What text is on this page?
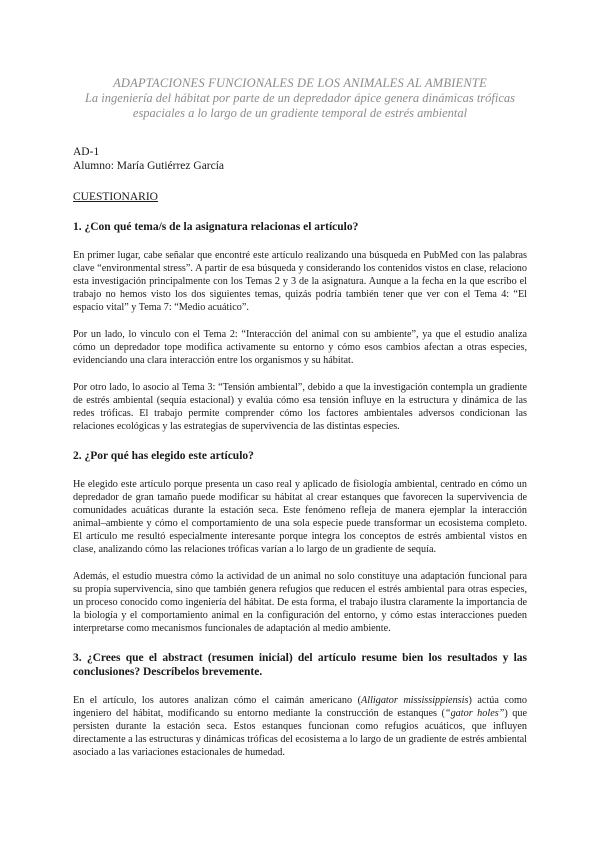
ADAPTACIONES FUNCIONALES DE LOS ANIMALES AL AMBIENTE
La ingeniería del hábitat por parte de un depredador ápice genera dinámicas tróficas
espaciales a lo largo de un gradiente temporal de estrés ambiental
AD-1
Alumno: María Gutiérrez García
CUESTIONARIO
1. ¿Con qué tema/s de la asignatura relacionas el artículo?

En primer lugar, cabe señalar que encontré este artículo realizando una búsqueda en PubMed con las palabras clave “environmental stress”. A partir de esa búsqueda y considerando los contenidos vistos en clase, relaciono esta investigación principalmente con los Temas 2 y 3 de la asignatura. Aunque a la fecha en la que escribo el trabajo no hemos visto los dos siguientes temas, quizás podría también tener que ver con el Tema 4: “El espacio vital” y Tema 7: “Medio acuático”.

Por un lado, lo vinculo con el Tema 2: “Interacción del animal con su ambiente”, ya que el estudio analiza cómo un depredador tope modifica activamente su entorno y cómo esos cambios afectan a otras especies, evidenciando una clara interacción entre los organismos y su hábitat.

Por otro lado, lo asocio al Tema 3: “Tensión ambiental”, debido a que la investigación contempla un gradiente de estrés ambiental (sequía estacional) y evalúa cómo esa tensión influye en la estructura y dinámica de las redes tróficas. El trabajo permite comprender cómo los factores ambientales adversos condicionan las relaciones ecológicas y las estrategias de supervivencia de las distintas especies.

2. ¿Por qué has elegido este artículo?

He elegido este artículo porque presenta un caso real y aplicado de fisiología ambiental, centrado en cómo un depredador de gran tamaño puede modificar su hábitat al crear estanques que favorecen la supervivencia de comunidades acuáticas durante la estación seca. Este fenómeno refleja de manera ejemplar la interacción animal–ambiente y cómo el comportamiento de una sola especie puede transformar un ecosistema completo. El artículo me resultó especialmente interesante porque integra los conceptos de estrés ambiental vistos en clase, analizando cómo las relaciones tróficas varían a lo largo de un gradiente de sequía.

Además, el estudio muestra cómo la actividad de un animal no solo constituye una adaptación funcional para su propia supervivencia, sino que también genera refugios que reducen el estrés ambiental para otras especies, un proceso conocido como ingeniería del hábitat. De esta forma, el trabajo ilustra claramente la importancia de la biología y el comportamiento animal en la configuración del entorno, y cómo estas interacciones pueden interpretarse como mecanismos funcionales de adaptación al medio ambiente.

3. ¿Crees que el abstract (resumen inicial) del artículo resume bien los resultados y las conclusiones? Descríbelos brevemente.

En el artículo, los autores analizan cómo el caimán americano (Alligator mississippiensis) actúa como ingeniero del hábitat, modificando su entorno mediante la construcción de estanques (“gator holes”) que persisten durante la estación seca. Estos estanques funcionan como refugios acuáticos, que influyen directamente a las estructuras y dinámicas tróficas del ecosistema a lo largo de un gradiente de estrés ambiental asociado a las variaciones estacionales de humedad.
